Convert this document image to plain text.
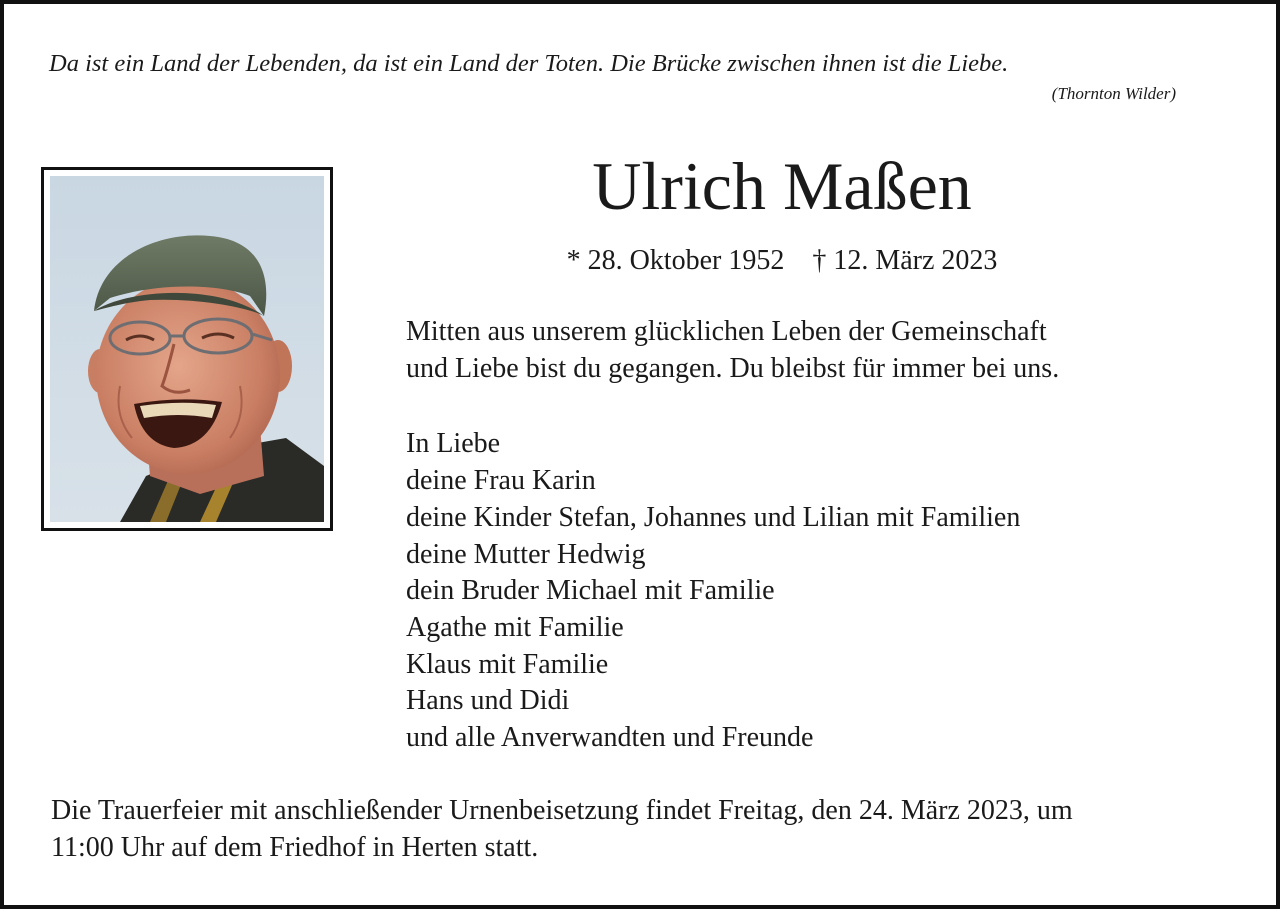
Da ist ein Land der Lebenden, da ist ein Land der Toten. Die Brücke zwischen ihnen ist die Liebe.
(Thornton Wilder)
Ulrich Maßen
* 28. Oktober 1952 † 12. März 2023
Mitten aus unserem glücklichen Leben der Gemeinschaft
und Liebe bist du gegangen. Du bleibst für immer bei uns.
In Liebe
deine Frau Karin
deine Kinder Stefan, Johannes und Lilian mit Familien
deine Mutter Hedwig
dein Bruder Michael mit Familie
Agathe mit Familie
Klaus mit Familie
Hans und Didi
und alle Anverwandten und Freunde
Die Trauerfeier mit anschließender Urnenbeisetzung findet Freitag, den 24. März 2023, um
11:00 Uhr auf dem Friedhof in Herten statt.
